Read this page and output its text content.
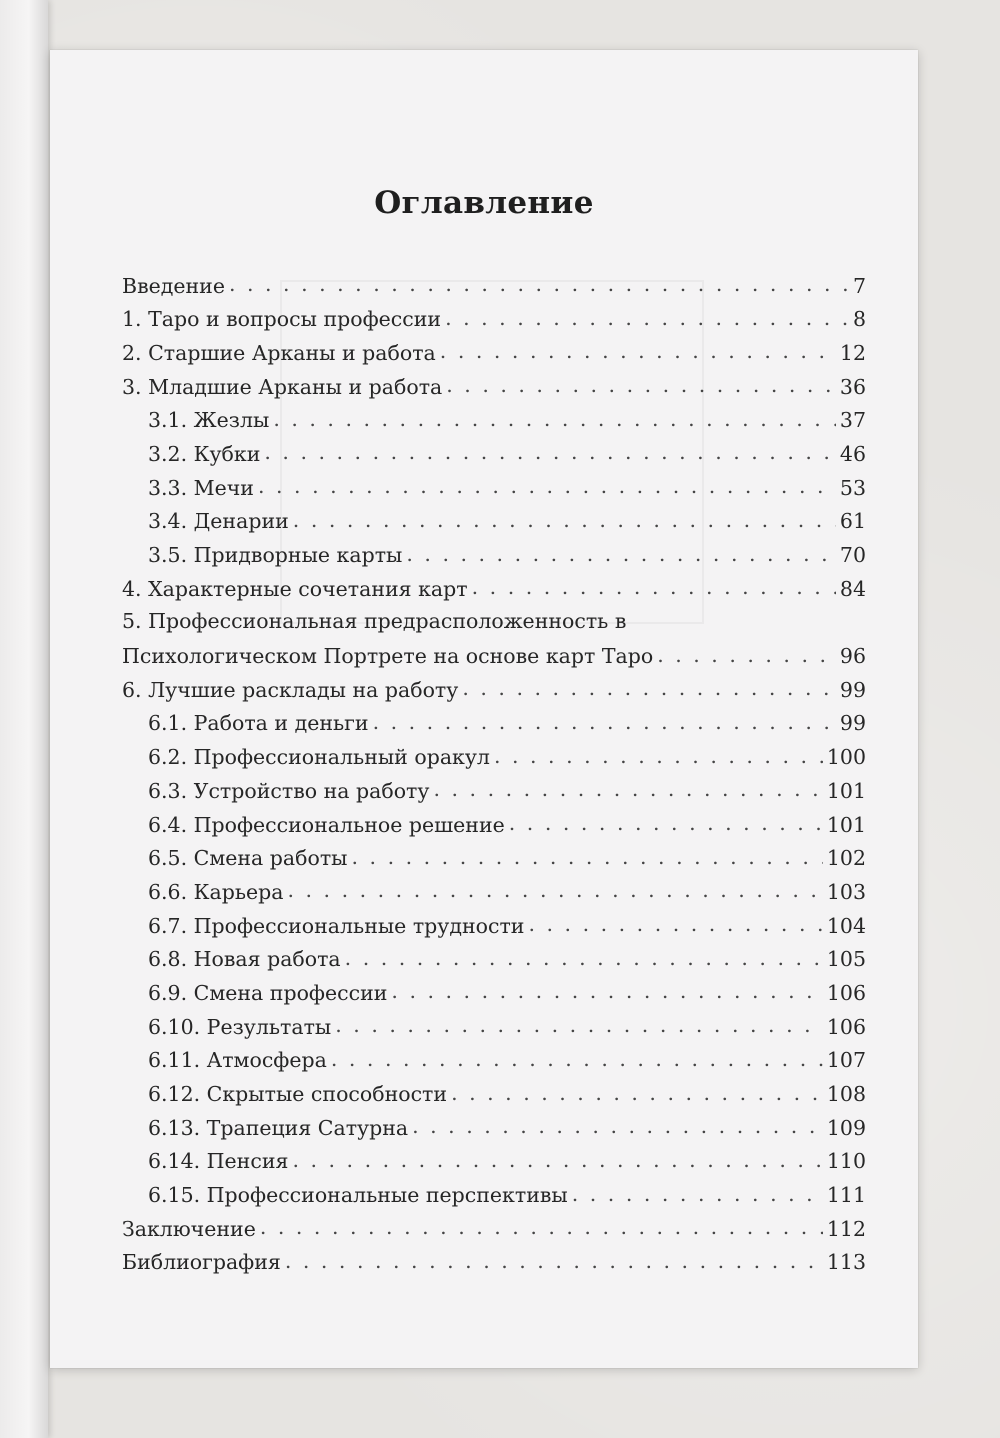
Оглавление
Введение . . .	7
1. Таро и вопросы профессии . . .	8
2. Старшие Арканы и работа . . .	12
3. Младшие Арканы и работа . . .	36
3.1. Жезлы . . .	37
3.2. Кубки . . .	46
3.3. Мечи . . .	53
3.4. Денарии . . .	61
3.5. Придворные карты . . .	70
4. Характерные сочетания карт . . .	84
5. Профессиональная предрасположенность в
Психологическом Портрете на основе карт Таро . . .	96
6. Лучшие расклады на работу . . .	99
6.1. Работа и деньги . . .	99
6.2. Профессиональный оракул . . .	100
6.3. Устройство на работу . . .	101
6.4. Профессиональное решение . . .	101
6.5. Смена работы . . .	102
6.6. Карьера . . .	103
6.7. Профессиональные трудности . . .	104
6.8. Новая работа . . .	105
6.9. Смена профессии . . .	106
6.10. Результаты . . .	106
6.11. Атмосфера . . .	107
6.12. Скрытые способности . . .	108
6.13. Трапеция Сатурна . . .	109
6.14. Пенсия . . .	110
6.15. Профессиональные перспективы . . .	111
Заключение . . .	112
Библиография . . .	113
